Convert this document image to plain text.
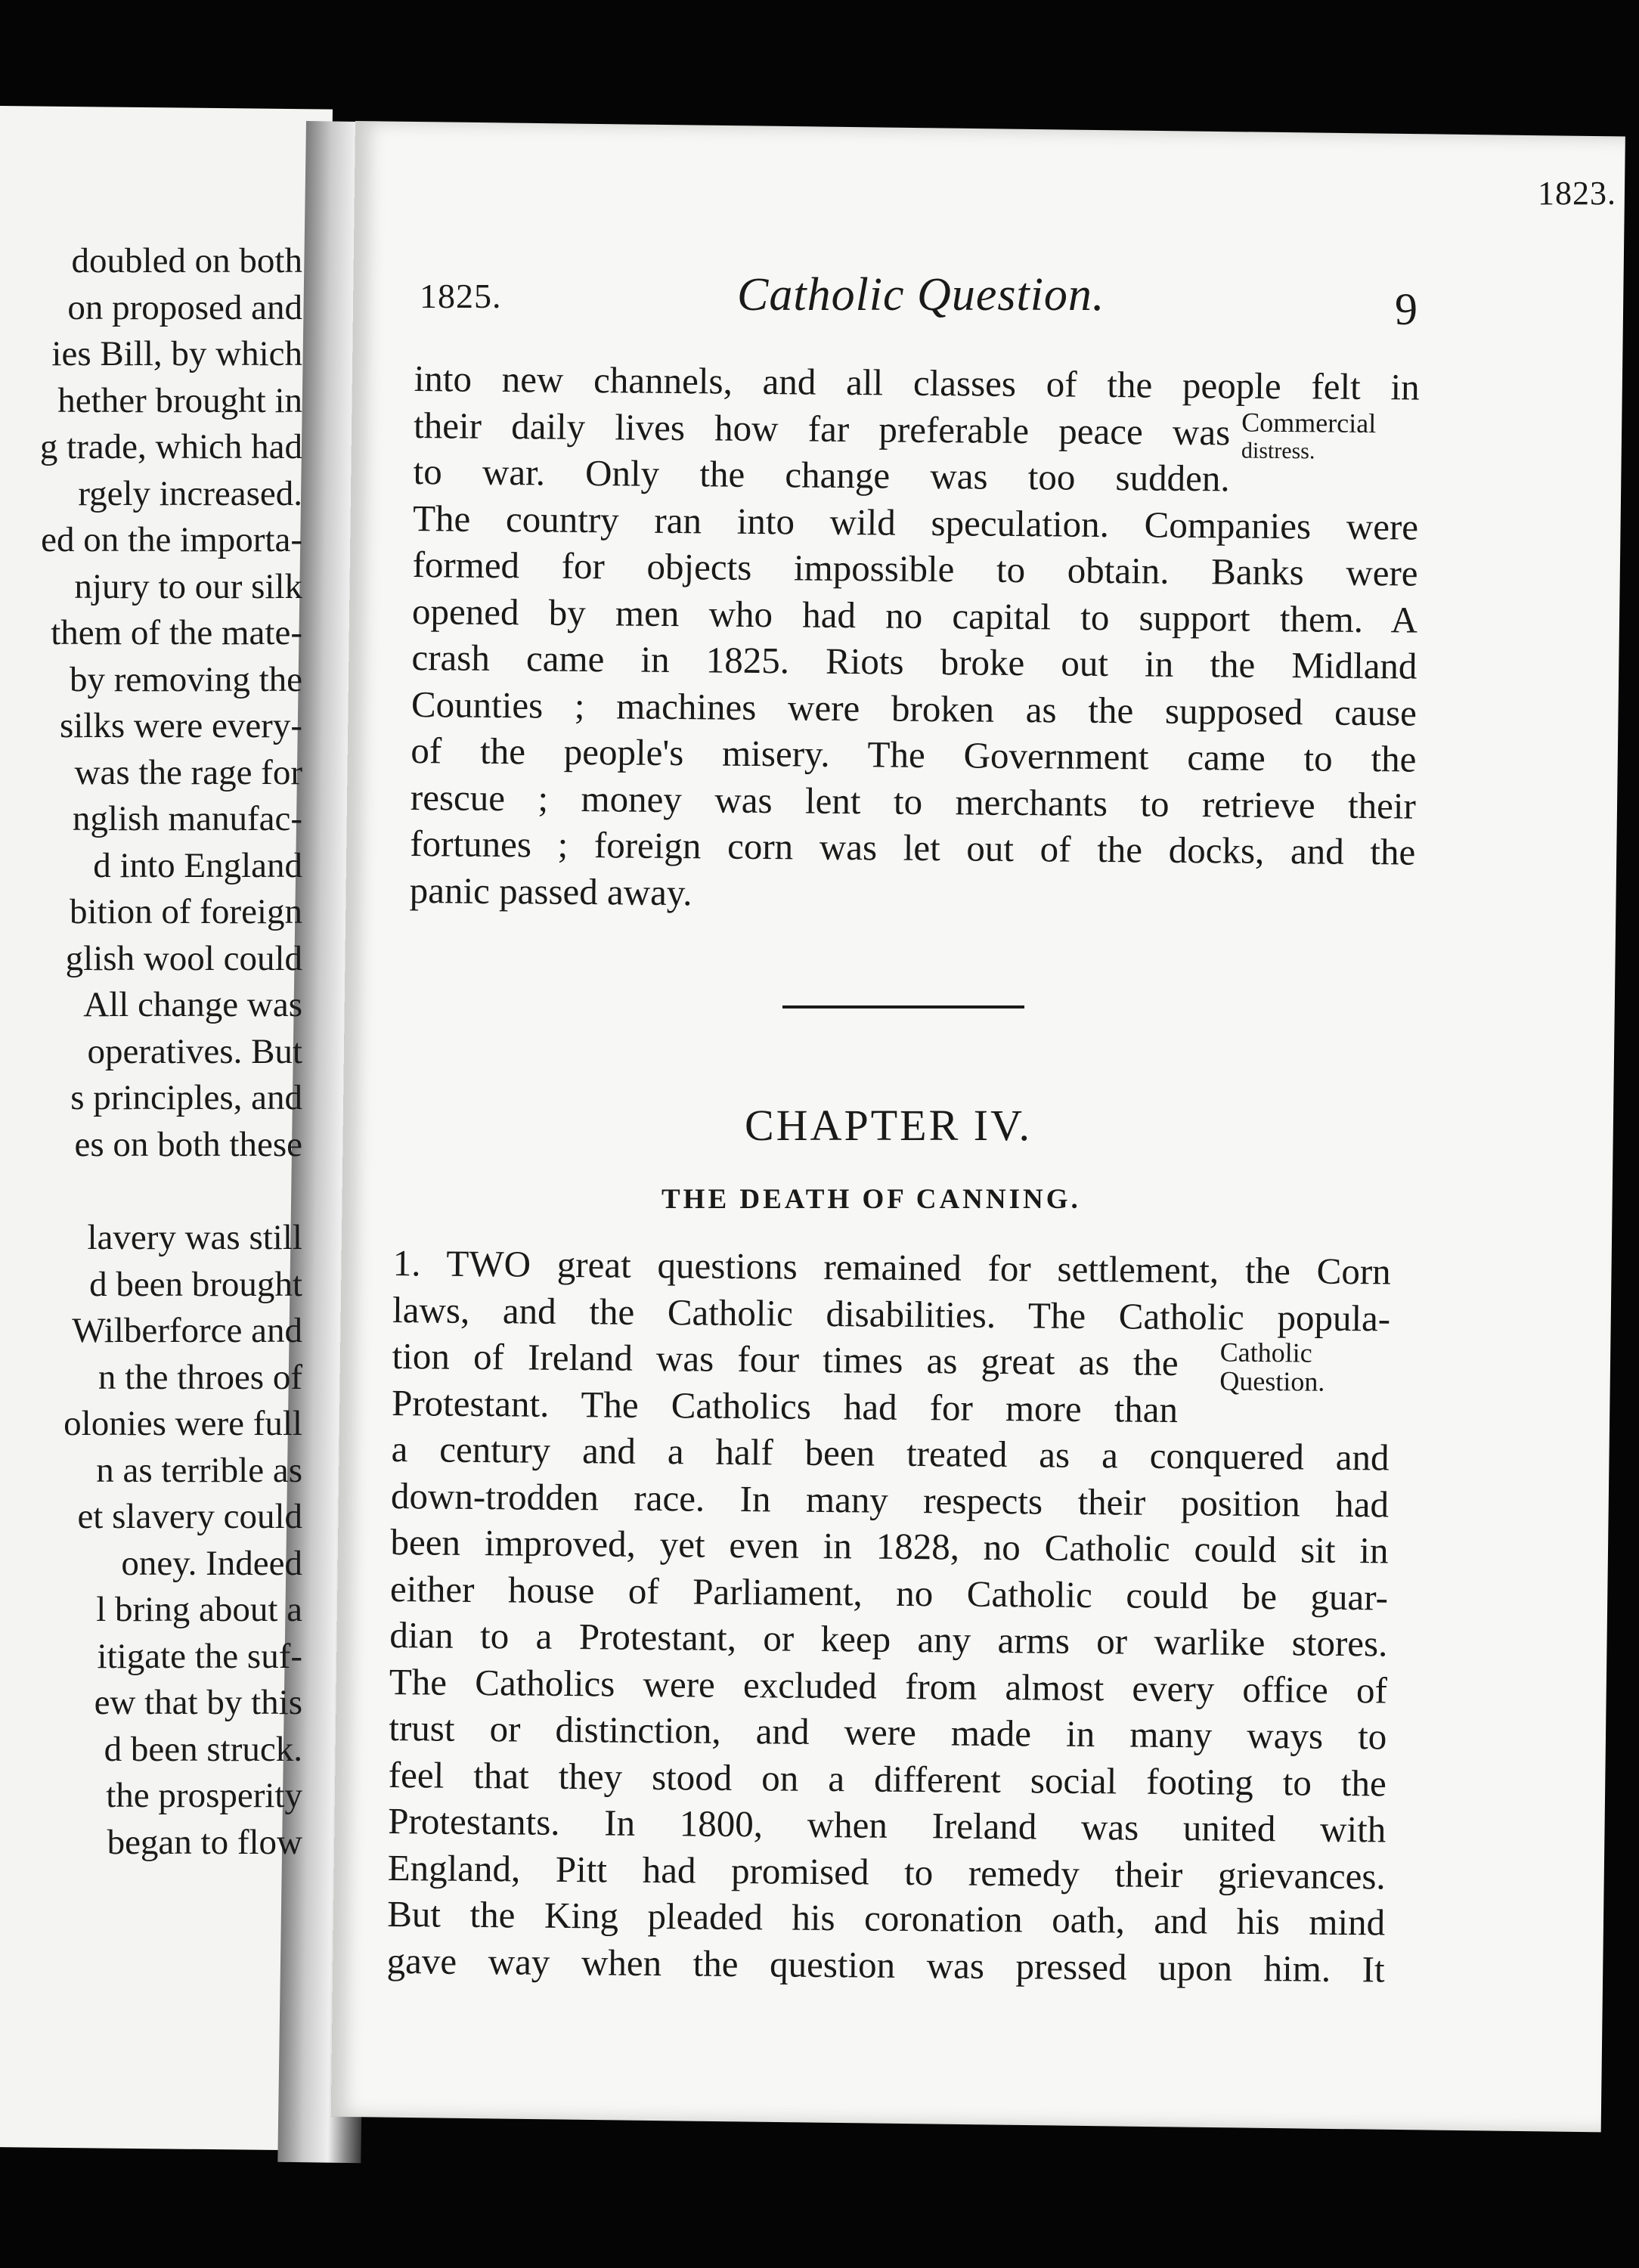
1823.
doubled on both
on proposed and
ies Bill, by which
hether brought in
g trade, which had
rgely increased.
ed on the importa-
njury to our silk
them of the mate-
by removing the
silks were every-
was the rage for
nglish manufac-
d into England
bition of foreign
glish wool could
All change was
operatives. But
s principles, and
es on both these
lavery was still
d been brought
Wilberforce and
n the throes of
olonies were full
n as terrible as
et slavery could
oney. Indeed
l bring about a
itigate the suf-
ew that by this
d been struck.
the prosperity
began to flow
1825.	Catholic Question.	9
into new channels, and all classes of the people felt in
their daily lives how far preferable peace was
to war. Only the change was too sudden.
The country ran into wild speculation. Companies were
formed for objects impossible to obtain. Banks were
opened by men who had no capital to support them. A
crash came in 1825. Riots broke out in the Midland
Counties ; machines were broken as the supposed cause
of the people's misery. The Government came to the
rescue ; money was lent to merchants to retrieve their
fortunes ; foreign corn was let out of the docks, and the
panic passed away.
Commercial
distress.
CHAPTER IV.
THE DEATH OF CANNING.
1. TWO great questions remained for settlement, the Corn
laws, and the Catholic disabilities. The Catholic popula-
tion of Ireland was four times as great as the
Protestant. The Catholics had for more than
a century and a half been treated as a conquered and
down-trodden race. In many respects their position had
been improved, yet even in 1828, no Catholic could sit in
either house of Parliament, no Catholic could be guar-
dian to a Protestant, or keep any arms or warlike stores.
The Catholics were excluded from almost every office of
trust or distinction, and were made in many ways to
feel that they stood on a different social footing to the
Protestants. In 1800, when Ireland was united with
England, Pitt had promised to remedy their grievances.
But the King pleaded his coronation oath, and his mind
gave way when the question was pressed upon him. It
Catholic
Question.
